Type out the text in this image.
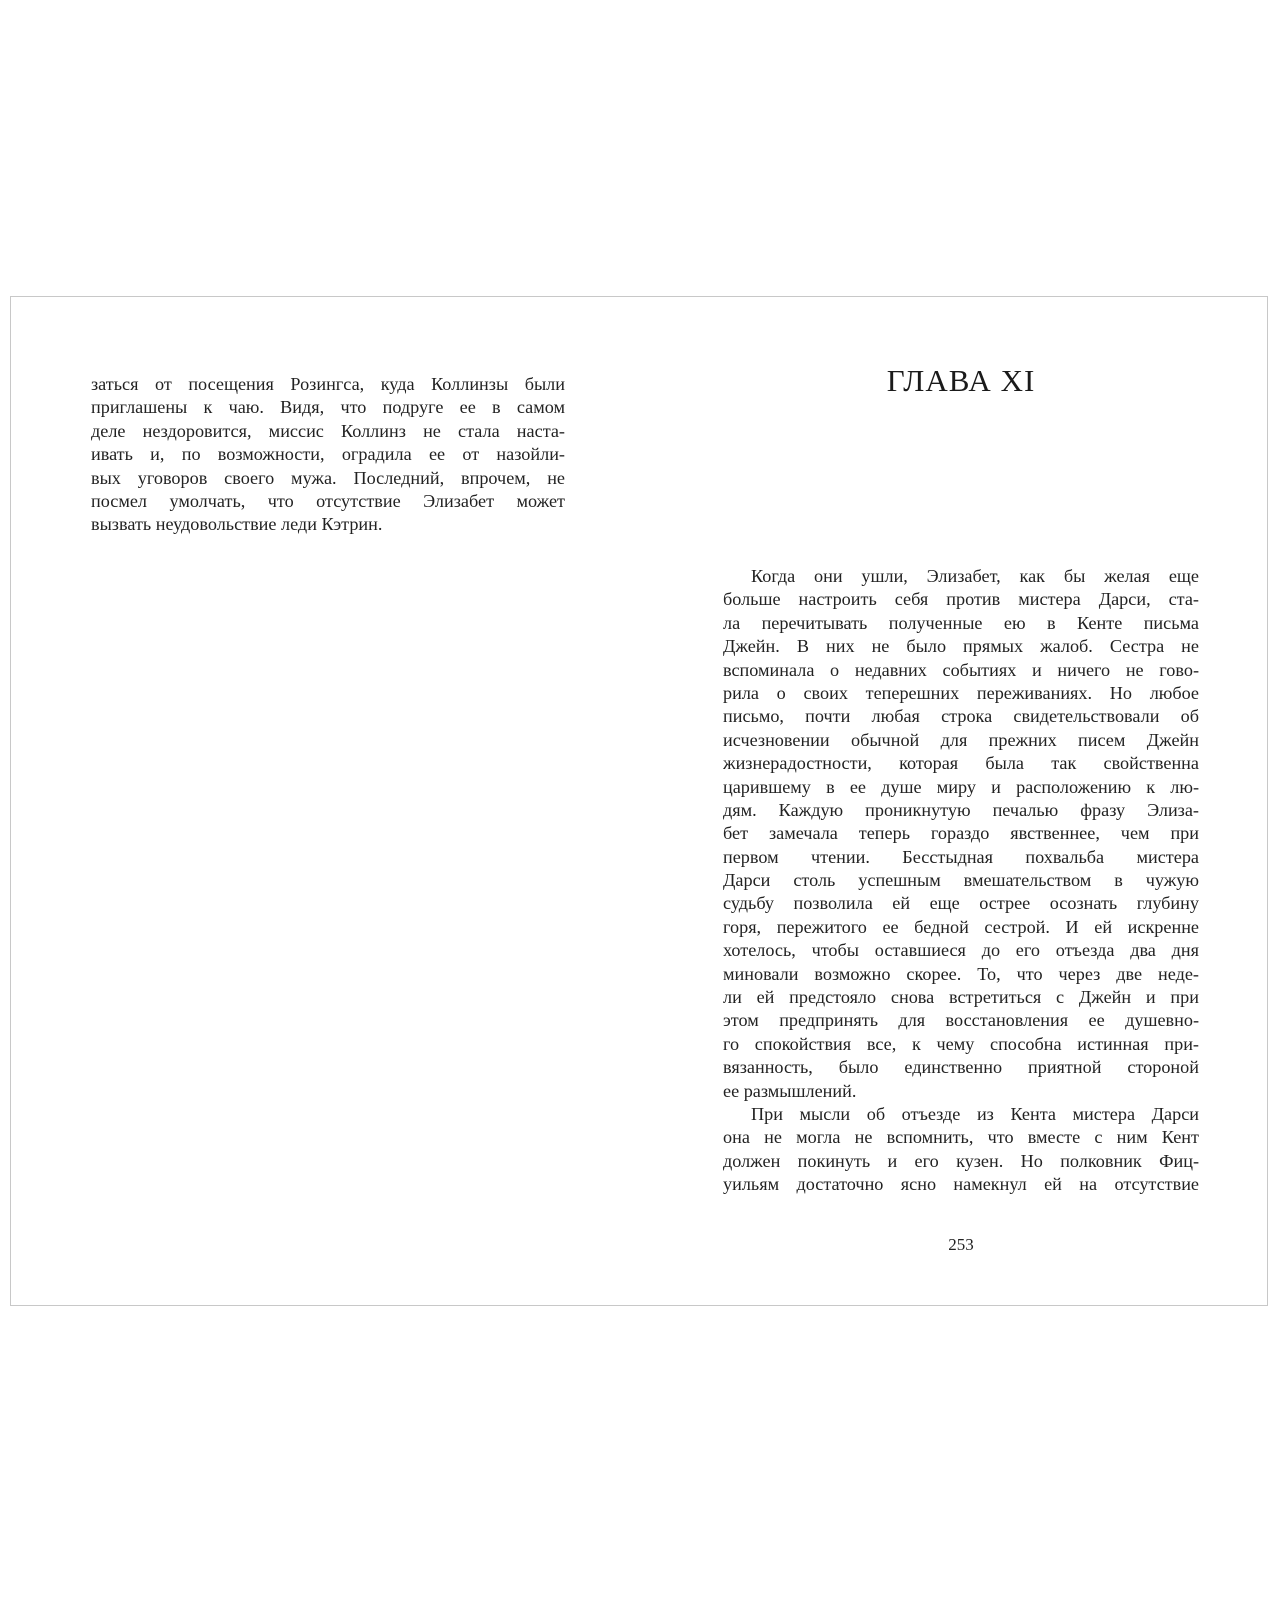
заться от посещения Розингса, куда Коллинзы были
приглашены к чаю. Видя, что подруге ее в самом
деле нездоровится, миссис Коллинз не стала наста-
ивать и, по возможности, оградила ее от назойли-
вых уговоров своего мужа. Последний, впрочем, не
посмел умолчать, что отсутствие Элизабет может
вызвать неудовольствие леди Кэтрин.
ГЛАВА XI
Когда они ушли, Элизабет, как бы желая еще
больше настроить себя против мистера Дарси, ста-
ла перечитывать полученные ею в Кенте письма
Джейн. В них не было прямых жалоб. Сестра не
вспоминала о недавних событиях и ничего не гово-
рила о своих теперешних переживаниях. Но любое
письмо, почти любая строка свидетельствовали об
исчезновении обычной для прежних писем Джейн
жизнерадостности, которая была так свойственна
царившему в ее душе миру и расположению к лю-
дям. Каждую проникнутую печалью фразу Элиза-
бет замечала теперь гораздо явственнее, чем при
первом чтении. Бесстыдная похвальба мистера
Дарси столь успешным вмешательством в чужую
судьбу позволила ей еще острее осознать глубину
горя, пережитого ее бедной сестрой. И ей искренне
хотелось, чтобы оставшиеся до его отъезда два дня
миновали возможно скорее. То, что через две неде-
ли ей предстояло снова встретиться с Джейн и при
этом предпринять для восстановления ее душевно-
го спокойствия все, к чему способна истинная при-
вязанность, было единственно приятной стороной
ее размышлений.
При мысли об отъезде из Кента мистера Дарси
она не могла не вспомнить, что вместе с ним Кент
должен покинуть и его кузен. Но полковник Фиц-
уильям достаточно ясно намекнул ей на отсутствие
253
